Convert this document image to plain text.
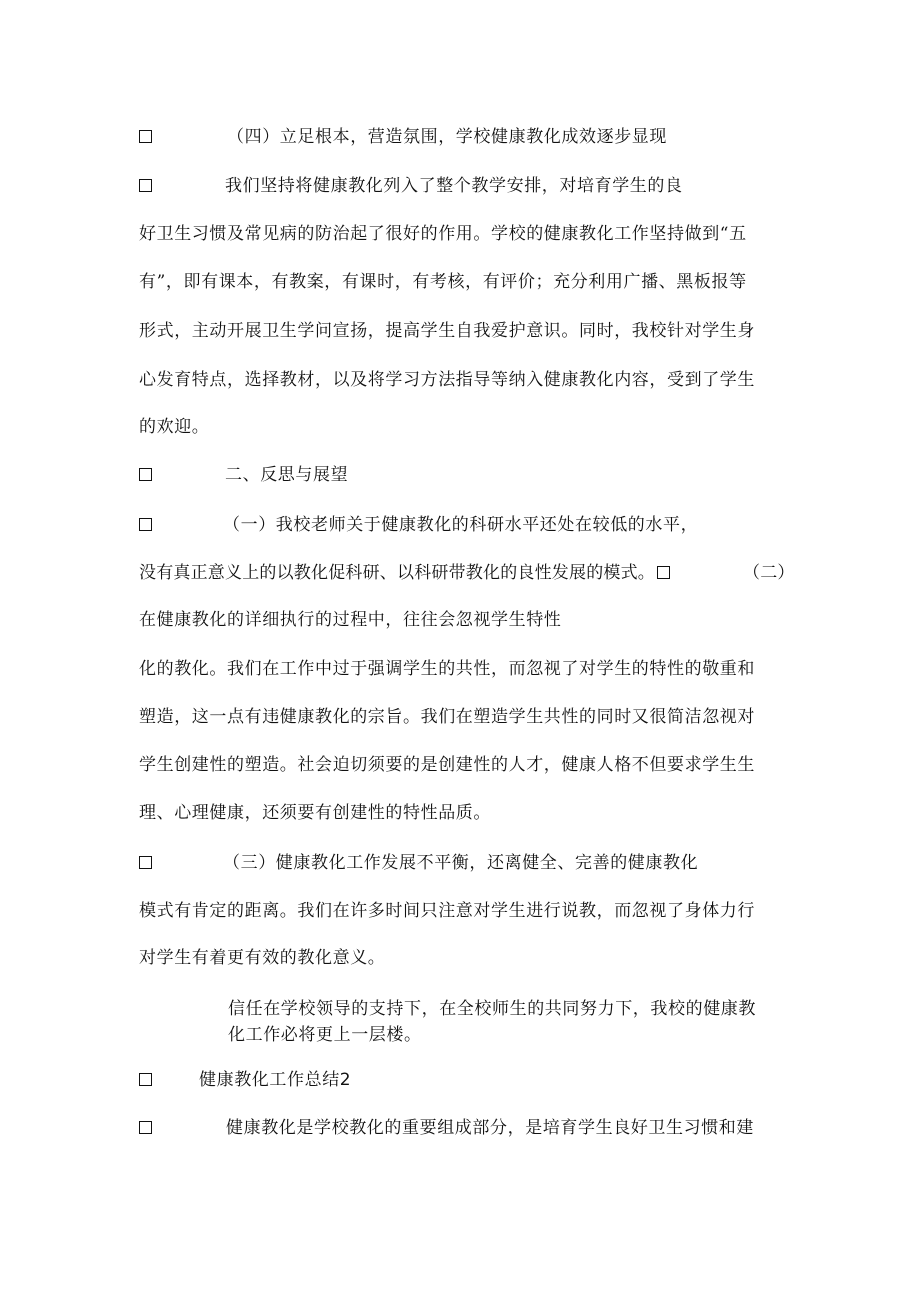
（四）立足根本，营造氛围，学校健康教化成效逐步显现
我们坚持将健康教化列入了整个教学安排，对培育学生的良
好卫生习惯及常见病的防治起了很好的作用。学校的健康教化工作坚持做到“五
有”，即有课本，有教案，有课时，有考核，有评价；充分利用广播、黑板报等
形式，主动开展卫生学问宣扬，提高学生自我爱护意识。同时，我校针对学生身
心发育特点，选择教材，以及将学习方法指导等纳入健康教化内容，受到了学生
的欢迎。
二、反思与展望
（一）我校老师关于健康教化的科研水平还处在较低的水平，
没有真正意义上的以教化促科研、以科研带教化的良性发展的模式。	（二）
在健康教化的详细执行的过程中，往往会忽视学生特性
化的教化。我们在工作中过于强调学生的共性，而忽视了对学生的特性的敬重和
塑造，这一点有违健康教化的宗旨。我们在塑造学生共性的同时又很简洁忽视对
学生创建性的塑造。社会迫切须要的是创建性的人才，健康人格不但要求学生生
理、心理健康，还须要有创建性的特性品质。
（三）健康教化工作发展不平衡，还离健全、完善的健康教化
模式有肯定的距离。我们在许多时间只注意对学生进行说教，而忽视了身体力行
对学生有着更有效的教化意义。
信任在学校领导的支持下，在全校师生的共同努力下，我校的健康教
化工作必将更上一层楼。
健康教化工作总结2
健康教化是学校教化的重要组成部分，是培育学生良好卫生习惯和建
